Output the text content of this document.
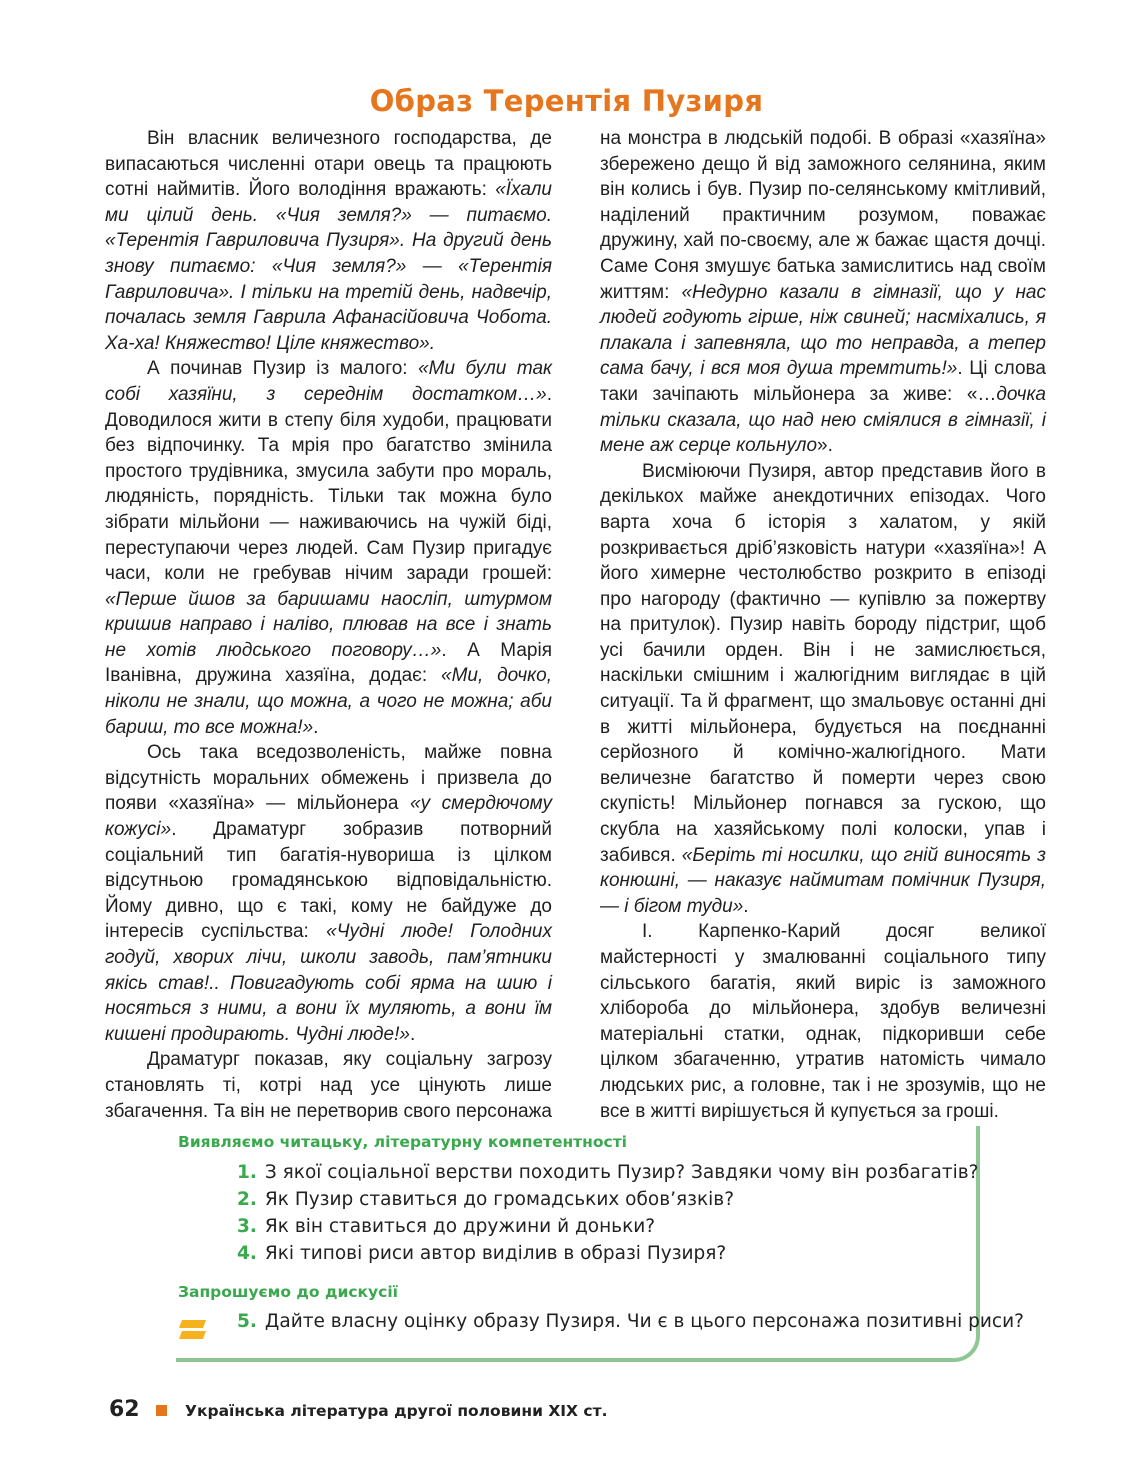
Образ Терентія Пузиря

Він власник величезного господарства, де випасаються численні отари овець та працюють сотні наймитів. Його володіння вражають: «Їхали ми цілий день. «Чия земля?» — питаємо. «Терентія Гавриловича Пузиря». На другий день знову питаємо: «Чия земля?» — «Терентія Гавриловича». І тільки на третій день, надвечір, почалась земля Гаврила Афанасійовича Чобота. Ха-ха! Княжество! Ціле княжество».

А починав Пузир із малого: «Ми були так собі хазяїни, з середнім достатком…». Доводилося жити в степу біля худоби, працювати без відпочинку. Та мрія про багатство змінила простого трудівника, змусила забути про мораль, людяність, порядність. Тільки так можна було зібрати мільйони — наживаючись на чужій біді, переступаючи через людей. Сам Пузир пригадує часи, коли не гребував нічим заради грошей: «Перше йшов за баришами наосліп, штурмом кришив направо і наліво, плював на все і знать не хотів людського поговору…». А Марія Іванівна, дружина хазяїна, додає: «Ми, дочко, ніколи не знали, що можна, а чого не можна; аби бариш, то все можна!».

Ось така вседозволеність, майже повна відсутність моральних обмежень і призвела до появи «хазяїна» — мільйонера «у смердючому кожусі». Драматург зобразив потворний соціальний тип багатія-нувориша із цілком відсутньою громадянською відповідальністю. Йому дивно, що є такі, кому не байдуже до інтересів суспільства: «Чудні люде! Голодних годуй, хворих лічи, школи заводь, пам’ятники якісь став!.. Повигадують собі ярма на шию і носяться з ними, а вони їх муляють, а вони їм кишені продирають. Чудні люде!».

Драматург показав, яку соціальну загрозу становлять ті, котрі над усе цінують лише збагачення. Та він не перетворив свого персонажа

на монстра в людській подобі. В образі «хазяїна» збережено дещо й від заможного селянина, яким він колись і був. Пузир по-селянському кмітливий, наділений практичним розумом, поважає дружину, хай по-своєму, але ж бажає щастя дочці. Саме Соня змушує батька замислитись над своїм життям: «Недурно казали в гімназії, що у нас людей годують гірше, ніж свиней; насміхались, я плакала і запевняла, що то неправда, а тепер сама бачу, і вся моя душа тремтить!». Ці слова таки зачіпають мільйонера за живе: «…дочка тільки сказала, що над нею сміялися в гімназії, і мене аж серце кольнуло».

Висміюючи Пузиря, автор представив його в декількох майже анекдотичних епізодах. Чого варта хоча б історія з халатом, у якій розкривається дріб’язковість натури «хазяїна»! А його химерне честолюбство розкрито в епізоді про нагороду (фактично — купівлю за пожертву на притулок). Пузир навіть бороду підстриг, щоб усі бачили орден. Він і не замислюється, наскільки смішним і жалюгідним виглядає в цій ситуації. Та й фрагмент, що змальовує останні дні в житті мільйонера, будується на поєднанні серйозного й комічно-жалюгідного. Мати величезне багатство й померти через свою скупість! Мільйонер погнався за гускою, що скубла на хазяйському полі колоски, упав і забився. «Беріть ті носилки, що гній виносять з конюшні, — наказує наймитам помічник Пузиря, — і бігом туди».

І. Карпенко-Карий досяг великої майстерності у змалюванні соціального типу сільського багатія, який виріс із заможного хлібороба до мільйонера, здобув величезні матеріальні статки, однак, підкоривши себе цілком збагаченню, утратив натомість чимало людських рис, а головне, так і не зрозумів, що не все в житті вирішується й купується за гроші.

Виявляємо читацьку, літературну компетентності
1. З якої соціальної верстви походить Пузир? Завдяки чому він розбагатів?
2. Як Пузир ставиться до громадських обов’язків?
3. Як він ставиться до дружини й доньки?
4. Які типові риси автор виділив в образі Пузиря?
Запрошуємо до дискусії
5. Дайте власну оцінку образу Пузиря. Чи є в цього персонажа позитивні риси?
62	Українська література другої половини XIX ст.
